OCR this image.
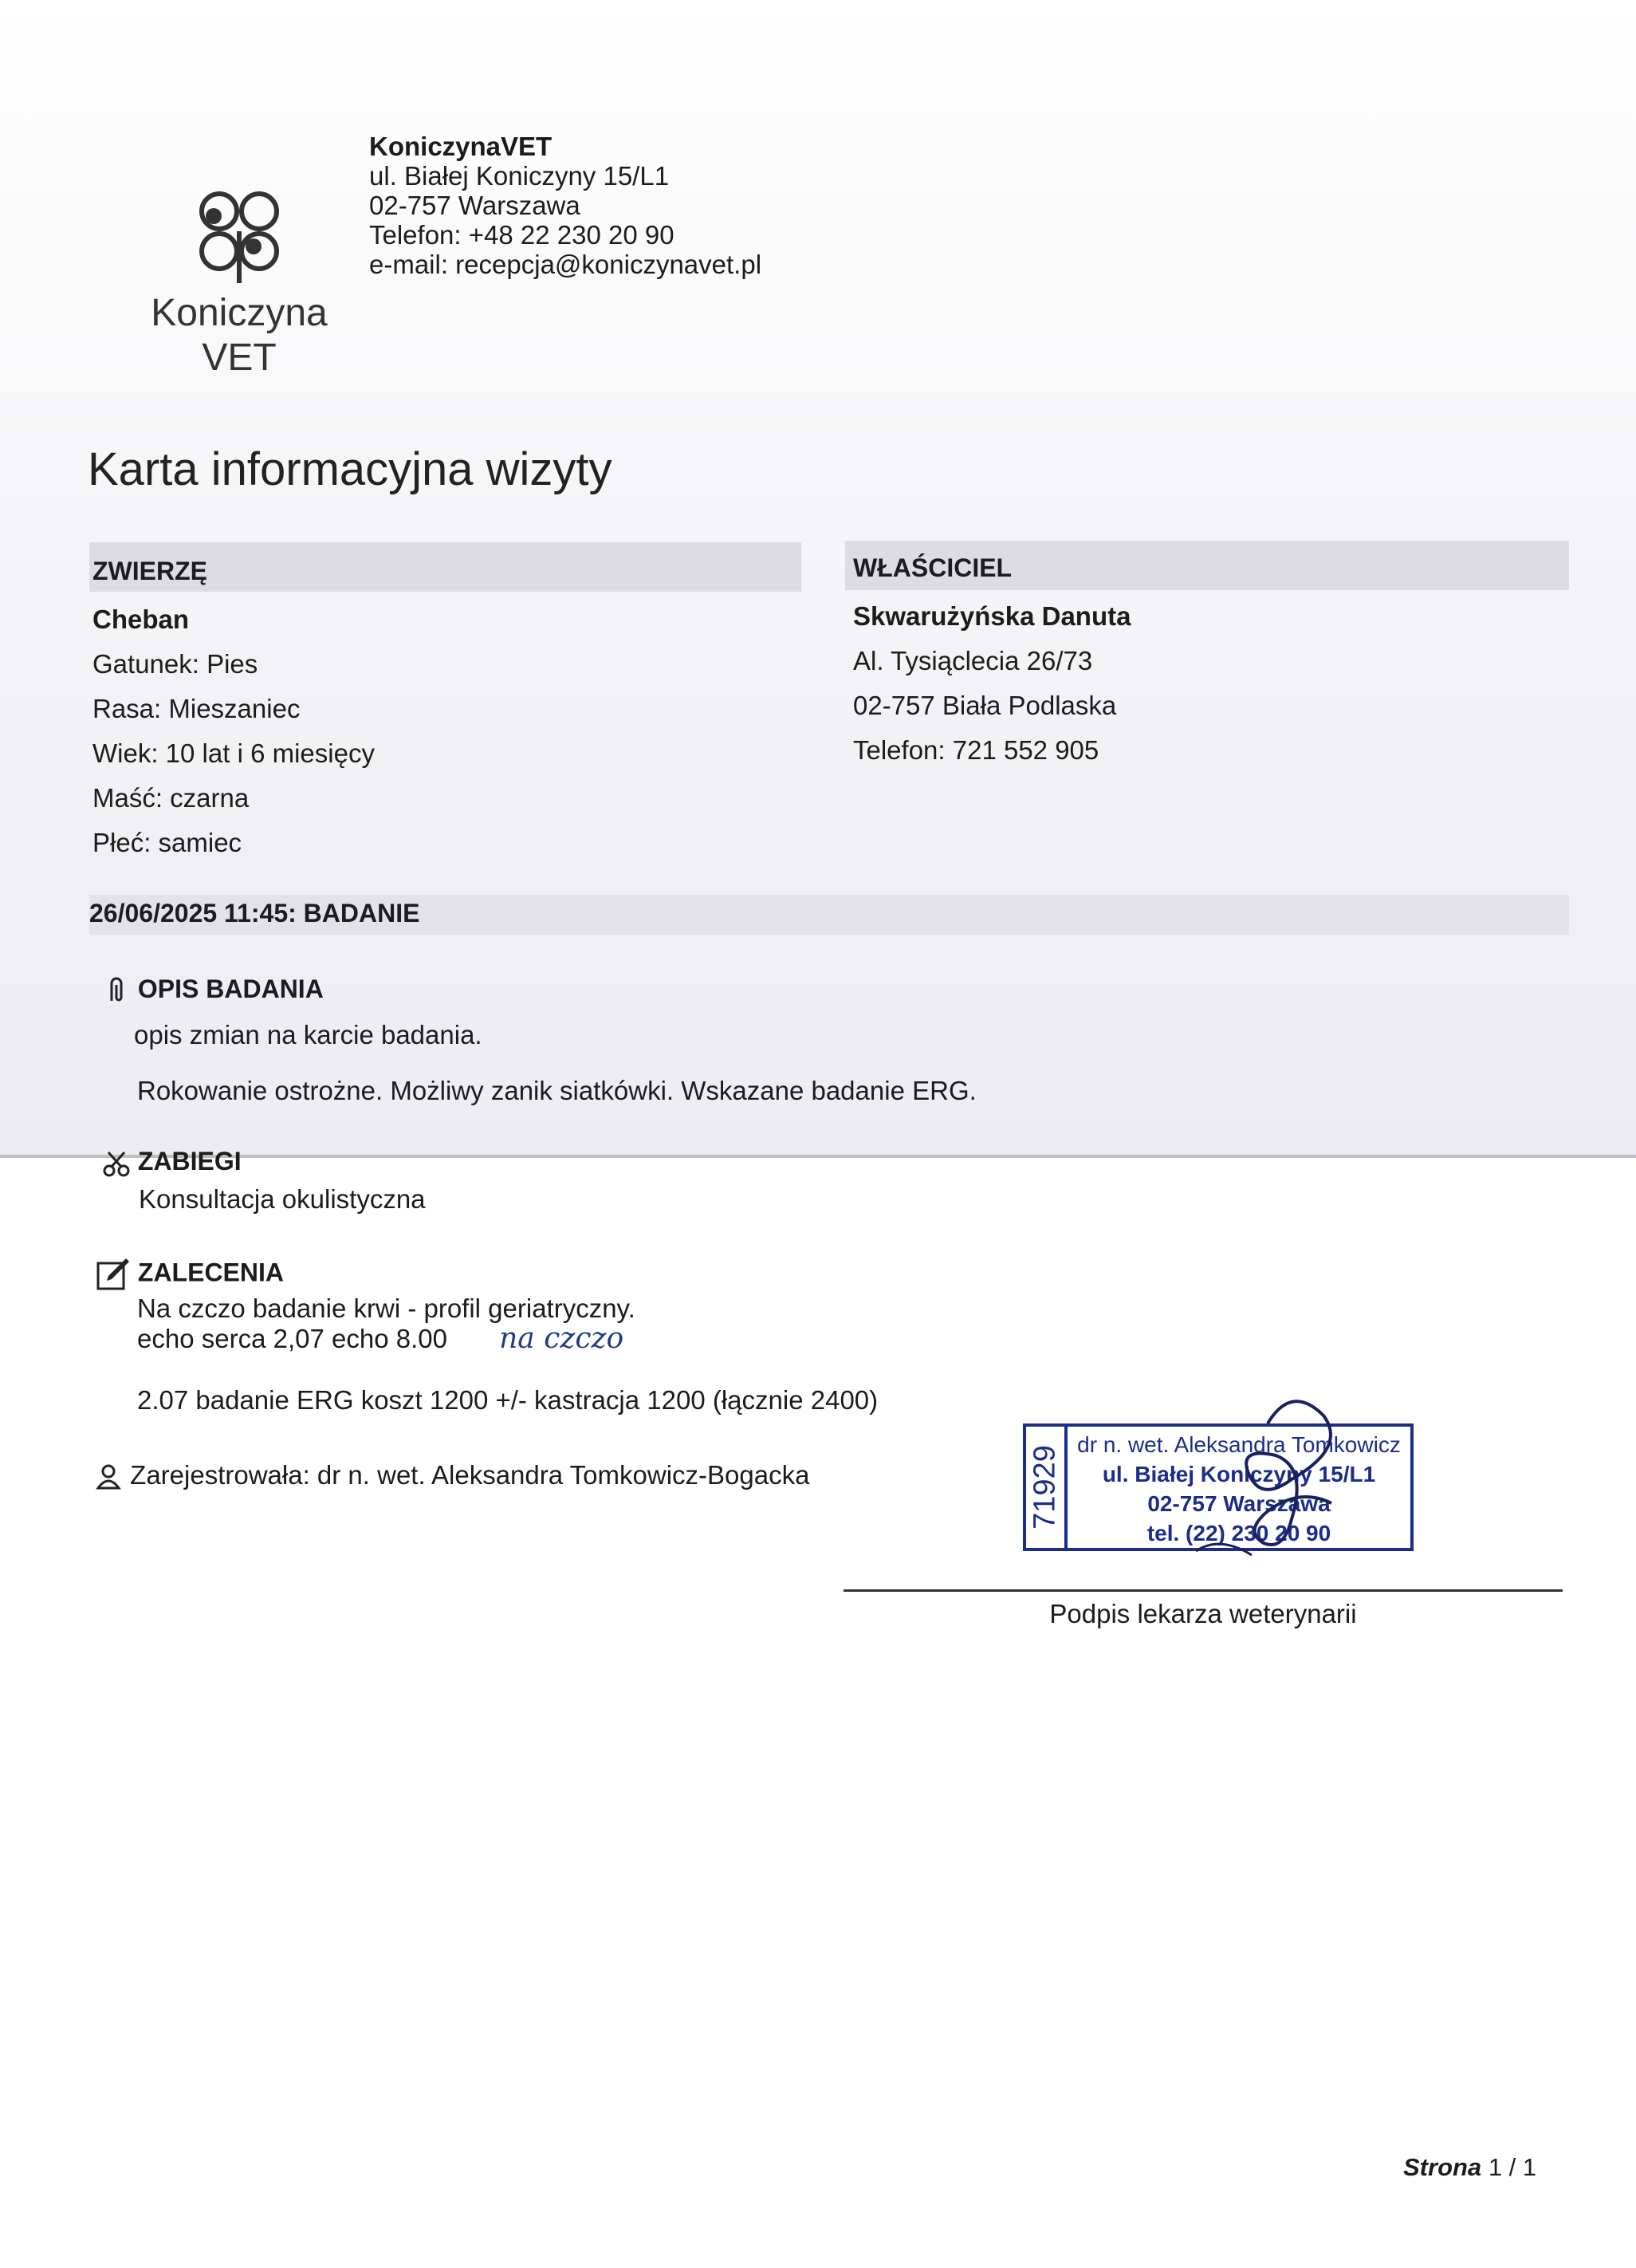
Koniczyna
VET
KoniczynaVET
ul. Białej Koniczyny 15/L1
02-757 Warszawa
Telefon: +48 22 230 20 90
e-mail: recepcja@koniczynavet.pl
Karta informacyjna wizyty
ZWIERZĘ
Cheban
Gatunek: Pies
Rasa: Mieszaniec
Wiek: 10 lat i 6 miesięcy
Maść: czarna
Płeć: samiec
WŁAŚCICIEL
Skwarużyńska Danuta
Al. Tysiąclecia 26/73
02-757 Biała Podlaska
Telefon: 721 552 905
26/06/2025 11:45: BADANIE
OPIS BADANIA
opis zmian na karcie badania.
Rokowanie ostrożne. Możliwy zanik siatkówki. Wskazane badanie ERG.
ZABIEGI
Konsultacja okulistyczna
ZALECENIA
Na czczo badanie krwi - profil geriatryczny.
echo serca 2,07 echo 8.00 na czczo
2.07 badanie ERG koszt 1200 +/- kastracja 1200 (łącznie 2400)
Zarejestrowała: dr n. wet. Aleksandra Tomkowicz-Bogacka	71929
dr n. wet. Aleksandra Tomkowicz
ul. Białej Koniczyny 15/L1
02-757 Warszawa
tel. (22) 230 20 90
Podpis lekarza weterynarii
Strona 1 / 1
